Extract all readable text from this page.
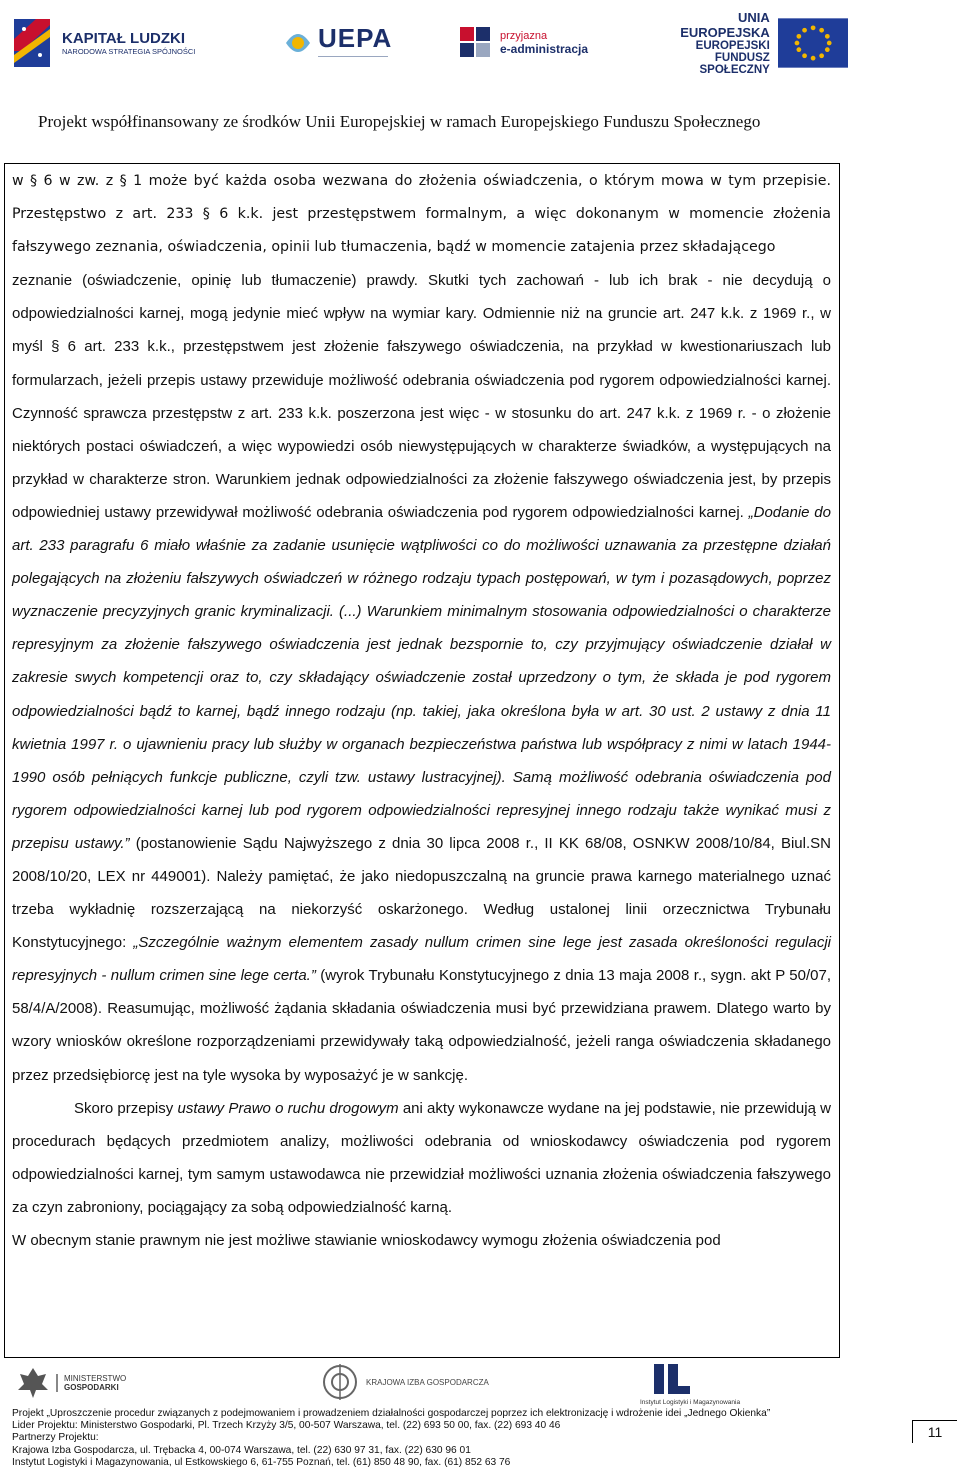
KAPITAŁ LUDZKI
NARODOWA STRATEGIA SPÓJNOŚCI	UEPA	przyjazna
e-administracja
UNIA EUROPEJSKA
EUROPEJSKI
FUNDUSZ SPOŁECZNY
Projekt współfinansowany ze środków Unii Europejskiej w ramach Europejskiego Funduszu Społecznego

w § 6 w zw. z § 1 może być każda osoba wezwana do złożenia oświadczenia, o którym mowa w tym przepisie. Przestępstwo z art. 233 § 6 k.k. jest przestępstwem formalnym, a więc dokonanym w momencie złożenia fałszywego zeznania, oświadczenia, opinii lub tłumaczenia, bądź w momencie zatajenia przez składającego

zeznanie (oświadczenie, opinię lub tłumaczenie) prawdy. Skutki tych zachowań - lub ich brak - nie decydują o odpowiedzialności karnej, mogą jedynie mieć wpływ na wymiar kary. Odmiennie niż na gruncie art. 247 k.k. z 1969 r., w myśl § 6 art. 233 k.k., przestępstwem jest złożenie fałszywego oświadczenia, na przykład w kwestionariuszach lub formularzach, jeżeli przepis ustawy przewiduje możliwość odebrania oświadczenia pod rygorem odpowiedzialności karnej. Czynność sprawcza przestępstw z art. 233 k.k. poszerzona jest więc - w stosunku do art. 247 k.k. z 1969 r. - o złożenie niektórych postaci oświadczeń, a więc wypowiedzi osób niewystępujących w charakterze świadków, a występujących na przykład w charakterze stron. Warunkiem jednak odpowiedzialności za złożenie fałszywego oświadczenia jest, by przepis odpowiedniej ustawy przewidywał możliwość odebrania oświadczenia pod rygorem odpowiedzialności karnej. „Dodanie do art. 233 paragrafu 6 miało właśnie za zadanie usunięcie wątpliwości co do możliwości uznawania za przestępne działań polegających na złożeniu fałszywych oświadczeń w różnego rodzaju typach postępowań, w tym i pozasądowych, poprzez wyznaczenie precyzyjnych granic kryminalizacji. (...) Warunkiem minimalnym stosowania odpowiedzialności o charakterze represyjnym za złożenie fałszywego oświadczenia jest jednak bezspornie to, czy przyjmujący oświadczenie działał w zakresie swych kompetencji oraz to, czy składający oświadczenie został uprzedzony o tym, że składa je pod rygorem odpowiedzialności bądź to karnej, bądź innego rodzaju (np. takiej, jaka określona była w art. 30 ust. 2 ustawy z dnia 11 kwietnia 1997 r. o ujawnieniu pracy lub służby w organach bezpieczeństwa państwa lub współpracy z nimi w latach 1944-1990 osób pełniących funkcje publiczne, czyli tzw. ustawy lustracyjnej). Samą możliwość odebrania oświadczenia pod rygorem odpowiedzialności karnej lub pod rygorem odpowiedzialności represyjnej innego rodzaju także wynikać musi z przepisu ustawy.” (postanowienie Sądu Najwyższego z dnia 30 lipca 2008 r., II KK 68/08, OSNKW 2008/10/84, Biul.SN 2008/10/20, LEX nr 449001). Należy pamiętać, że jako niedopuszczalną na gruncie prawa karnego materialnego uznać trzeba wykładnię rozszerzającą na niekorzyść oskarżonego. Według ustalonej linii orzecznictwa Trybunału Konstytucyjnego: „Szczególnie ważnym elementem zasady nullum crimen sine lege jest zasada określoności regulacji represyjnych - nullum crimen sine lege certa.” (wyrok Trybunału Konstytucyjnego z dnia 13 maja 2008 r., sygn. akt P 50/07, 58/4/A/2008). Reasumując, możliwość żądania składania oświadczenia musi być przewidziana prawem. Dlatego warto by wzory wniosków określone rozporządzeniami przewidywały taką odpowiedzialność, jeżeli ranga oświadczenia składanego przez przedsiębiorcę jest na tyle wysoka by wyposażyć je w sankcję.

Skoro przepisy ustawy Prawo o ruchu drogowym ani akty wykonawcze wydane na jej podstawie, nie przewidują w procedurach będących przedmiotem analizy, możliwości odebrania od wnioskodawcy oświadczenia pod rygorem odpowiedzialności karnej, tym samym ustawodawca nie przewidział możliwości uznania złożenia oświadczenia fałszywego za czyn zabroniony, pociągający za sobą odpowiedzialność karną.

W obecnym stanie prawnym nie jest możliwe stawianie wnioskodawcy wymogu złożenia oświadczenia pod

MINISTERSTWO
GOSPODARKI
KRAJOWA IZBA GOSPODARCZA
Instytut Logistyki i Magazynowania
Projekt „Uproszczenie procedur związanych z podejmowaniem i prowadzeniem działalności gospodarczej poprzez ich elektronizację i wdrożenie idei „Jednego Okienka”
Lider Projektu: Ministerstwo Gospodarki, Pl. Trzech Krzyży 3/5, 00-507 Warszawa, tel. (22) 693 50 00, fax. (22) 693 40 46
Partnerzy Projektu:
Krajowa Izba Gospodarcza, ul. Trębacka 4, 00-074 Warszawa, tel. (22) 630 97 31, fax. (22) 630 96 01
Instytut Logistyki i Magazynowania, ul Estkowskiego 6, 61-755 Poznań, tel. (61) 850 48 90, fax. (61) 852 63 76
11
